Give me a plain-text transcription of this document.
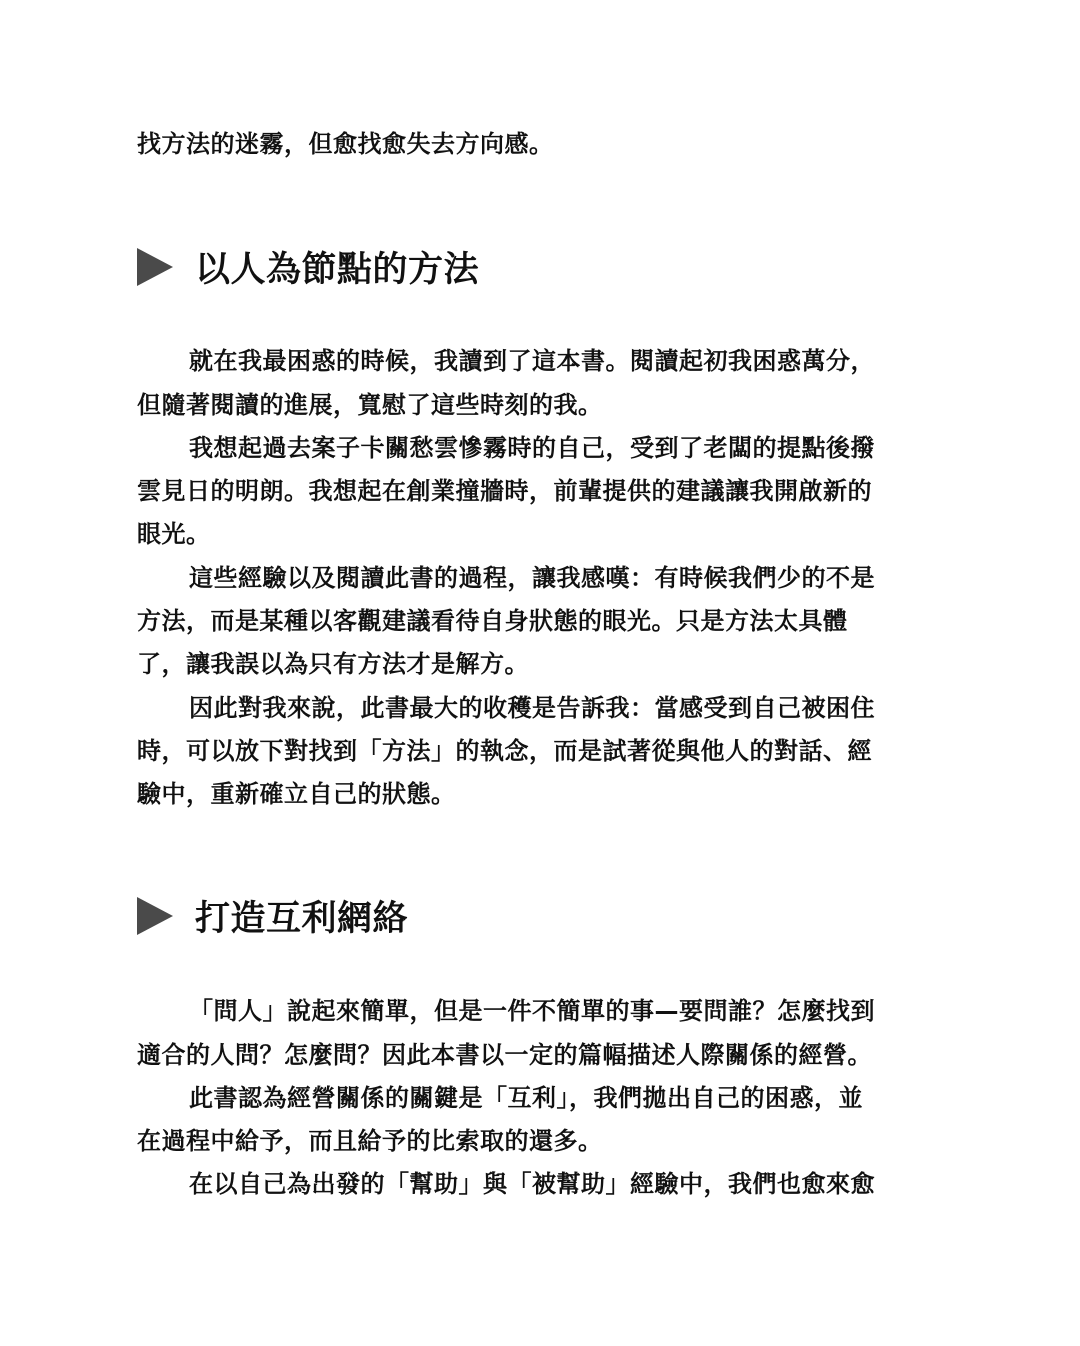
找方法的迷霧，但愈找愈失去方向感。
以人為節點的方法
就在我最困惑的時候，我讀到了這本書。閱讀起初我困惑萬分，
但隨著閱讀的進展，寬慰了這些時刻的我。
我想起過去案子卡關愁雲慘霧時的自己，受到了老闆的提點後撥
雲見日的明朗。我想起在創業撞牆時，前輩提供的建議讓我開啟新的
眼光。
這些經驗以及閱讀此書的過程，讓我感嘆：有時候我們少的不是
方法，而是某種以客觀建議看待自身狀態的眼光。只是方法太具體
了，讓我誤以為只有方法才是解方。
因此對我來說，此書最大的收穫是告訴我：當感受到自己被困住
時，可以放下對找到「方法」的執念，而是試著從與他人的對話、經
驗中，重新確立自己的狀態。
打造互利網絡
「問人」說起來簡單，但是一件不簡單的事—要問誰？怎麼找到
適合的人問？怎麼問？因此本書以一定的篇幅描述人際關係的經營。
此書認為經營關係的關鍵是「互利」，我們拋出自己的困惑，並
在過程中給予，而且給予的比索取的還多。
在以自己為出發的「幫助」與「被幫助」經驗中，我們也愈來愈
